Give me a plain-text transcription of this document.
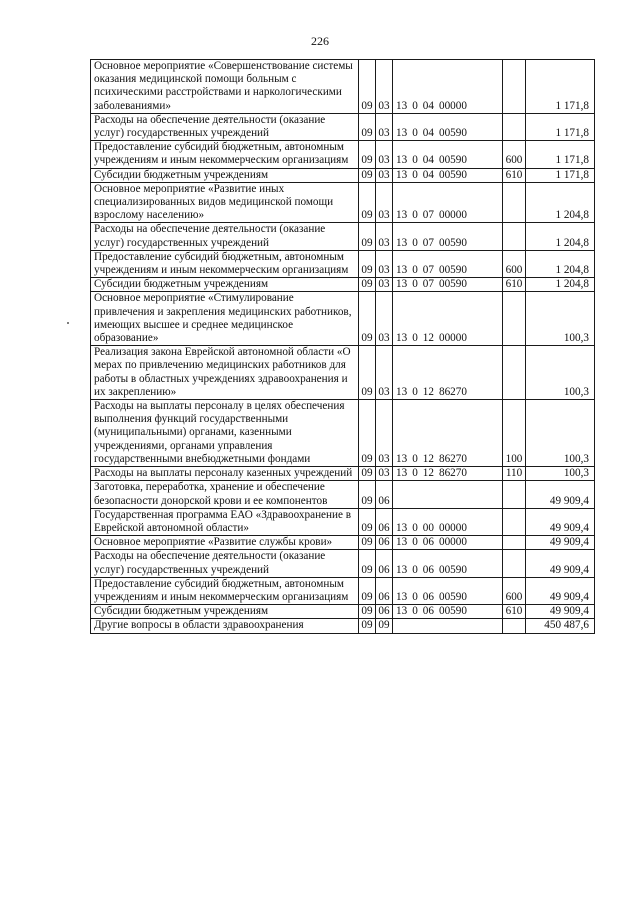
226
Основное мероприятие «Совершенствование системы оказания медицинской помощи больным с психическими расстройствами и наркологическими заболеваниями»	09	03	13 0 04 00000		1 171,8
Расходы на обеспечение деятельности (оказание услуг) государственных учреждений	09	03	13 0 04 00590		1 171,8
Предоставление субсидий бюджетным, автономным учреждениям и иным некоммерческим организациям	09	03	13 0 04 00590	600	1 171,8
Субсидии бюджетным учреждениям	09	03	13 0 04 00590	610	1 171,8
Основное мероприятие «Развитие иных специализированных видов медицинской помощи взрослому населению»	09	03	13 0 07 00000		1 204,8
Расходы на обеспечение деятельности (оказание услуг) государственных учреждений	09	03	13 0 07 00590		1 204,8
Предоставление субсидий бюджетным, автономным учреждениям и иным некоммерческим организациям	09	03	13 0 07 00590	600	1 204,8
Субсидии бюджетным учреждениям	09	03	13 0 07 00590	610	1 204,8
Основное мероприятие «Стимулирование привлечения и закрепления медицинских работников, имеющих высшее и среднее медицинское образование»	09	03	13 0 12 00000		100,3
Реализация закона Еврейской автономной области «О мерах по привлечению медицинских работников для работы в областных учреждениях здравоохранения и их закреплению»	09	03	13 0 12 86270		100,3
Расходы на выплаты персоналу в целях обеспечения выполнения функций государственными (муниципальными) органами, казенными учреждениями, органами управления государственными внебюджетными фондами	09	03	13 0 12 86270	100	100,3
Расходы на выплаты персоналу казенных учреждений	09	03	13 0 12 86270	110	100,3
Заготовка, переработка, хранение и обеспечение безопасности донорской крови и ее компонентов	09	06			49 909,4
Государственная программа ЕАО «Здравоохранение в Еврейской автономной области»	09	06	13 0 00 00000		49 909,4
Основное мероприятие «Развитие службы крови»	09	06	13 0 06 00000		49 909,4
Расходы на обеспечение деятельности (оказание услуг) государственных учреждений	09	06	13 0 06 00590		49 909,4
Предоставление субсидий бюджетным, автономным учреждениям и иным некоммерческим организациям	09	06	13 0 06 00590	600	49 909,4
Субсидии бюджетным учреждениям	09	06	13 0 06 00590	610	49 909,4
Другие вопросы в области здравоохранения	09	09			450 487,6
